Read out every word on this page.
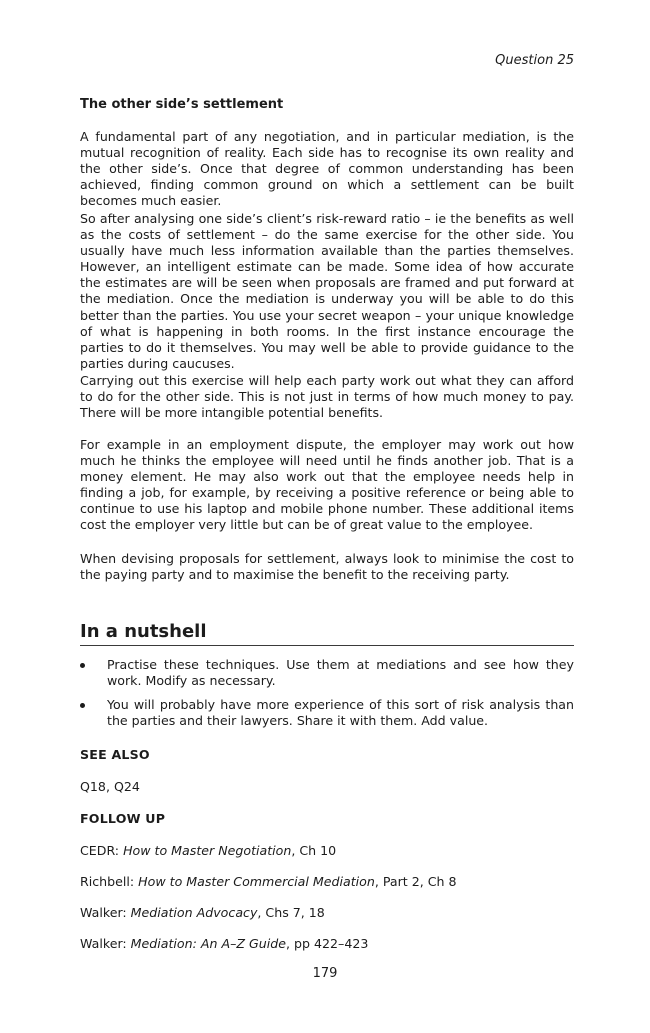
Question 25
The other side’s settlement

A fundamental part of any negotiation, and in particular mediation, is the mutual recognition of reality. Each side has to recognise its own reality and the other side’s. Once that degree of common understanding has been achieved, finding common ground on which a settlement can be built becomes much easier.

So after analysing one side’s client’s risk-reward ratio – ie the benefits as well as the costs of settlement – do the same exercise for the other side. You usually have much less information available than the parties themselves. However, an intelligent estimate can be made. Some idea of how accurate the estimates are will be seen when proposals are framed and put forward at the mediation. Once the mediation is underway you will be able to do this better than the parties. You use your secret weapon – your unique knowledge of what is happening in both rooms. In the first instance encourage the parties to do it themselves. You may well be able to provide guidance to the parties during caucuses.

Carrying out this exercise will help each party work out what they can afford to do for the other side. This is not just in terms of how much money to pay. There will be more intangible potential benefits.

For example in an employment dispute, the employer may work out how much he thinks the employee will need until he finds another job. That is a money element. He may also work out that the employee needs help in finding a job, for example, by receiving a positive reference or being able to continue to use his laptop and mobile phone number. These additional items cost the employer very little but can be of great value to the employee.

When devising proposals for settlement, always look to minimise the cost to the paying party and to maximise the benefit to the receiving party.

In a nutshell
Practise these techniques. Use them at mediations and see how they work. Modify as necessary.
You will probably have more experience of this sort of risk analysis than the parties and their lawyers. Share it with them. Add value.
SEE ALSO
Q18, Q24
FOLLOW UP
CEDR: How to Master Negotiation, Ch 10
Richbell: How to Master Commercial Mediation, Part 2, Ch 8
Walker: Mediation Advocacy, Chs 7, 18
Walker: Mediation: An A–Z Guide, pp 422–423
179
